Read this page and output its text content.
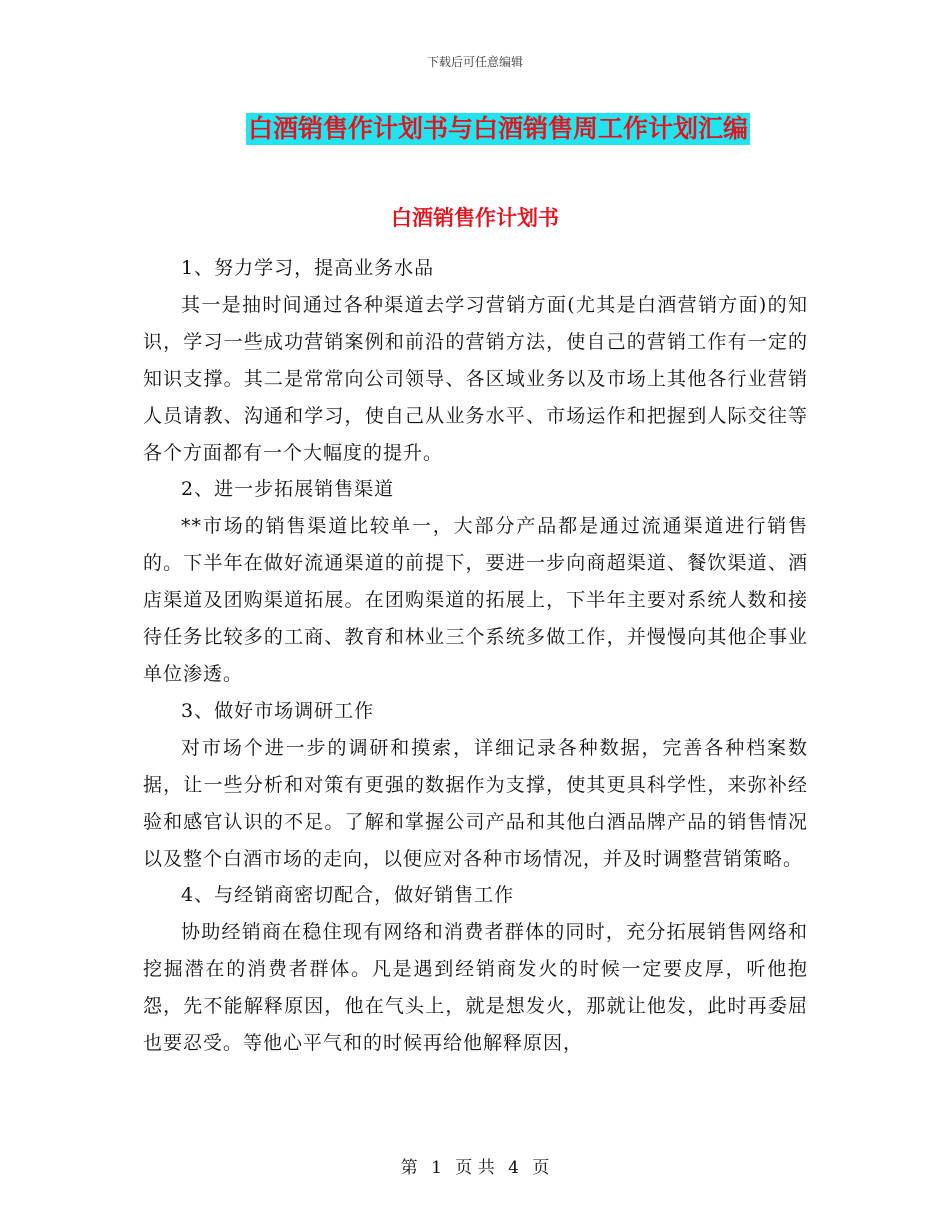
下载后可任意编辑
白酒销售作计划书与白酒销售周工作计划汇编
白酒销售作计划书

1、努力学习，提高业务水品

其一是抽时间通过各种渠道去学习营销方面(尤其是白酒营销方面)的知识，学习一些成功营销案例和前沿的营销方法，使自己的营销工作有一定的知识支撑。其二是常常向公司领导、各区域业务以及市场上其他各行业营销人员请教、沟通和学习，使自己从业务水平、市场运作和把握到人际交往等各个方面都有一个大幅度的提升。

2、进一步拓展销售渠道

**市场的销售渠道比较单一，大部分产品都是通过流通渠道进行销售的。下半年在做好流通渠道的前提下，要进一步向商超渠道、餐饮渠道、酒店渠道及团购渠道拓展。在团购渠道的拓展上，下半年主要对系统人数和接待任务比较多的工商、教育和林业三个系统多做工作，并慢慢向其他企事业单位渗透。

3、做好市场调研工作

对市场个进一步的调研和摸索，详细记录各种数据，完善各种档案数据，让一些分析和对策有更强的数据作为支撑，使其更具科学性，来弥补经验和感官认识的不足。了解和掌握公司产品和其他白酒品牌产品的销售情况以及整个白酒市场的走向，以便应对各种市场情况，并及时调整营销策略。

4、与经销商密切配合，做好销售工作

协助经销商在稳住现有网络和消费者群体的同时，充分拓展销售网络和挖掘潜在的消费者群体。凡是遇到经销商发火的时候一定要皮厚，听他抱怨，先不能解释原因，他在气头上，就是想发火，那就让他发，此时再委屈也要忍受。等他心平气和的时候再给他解释原因，

第 1 页 共 4 页
